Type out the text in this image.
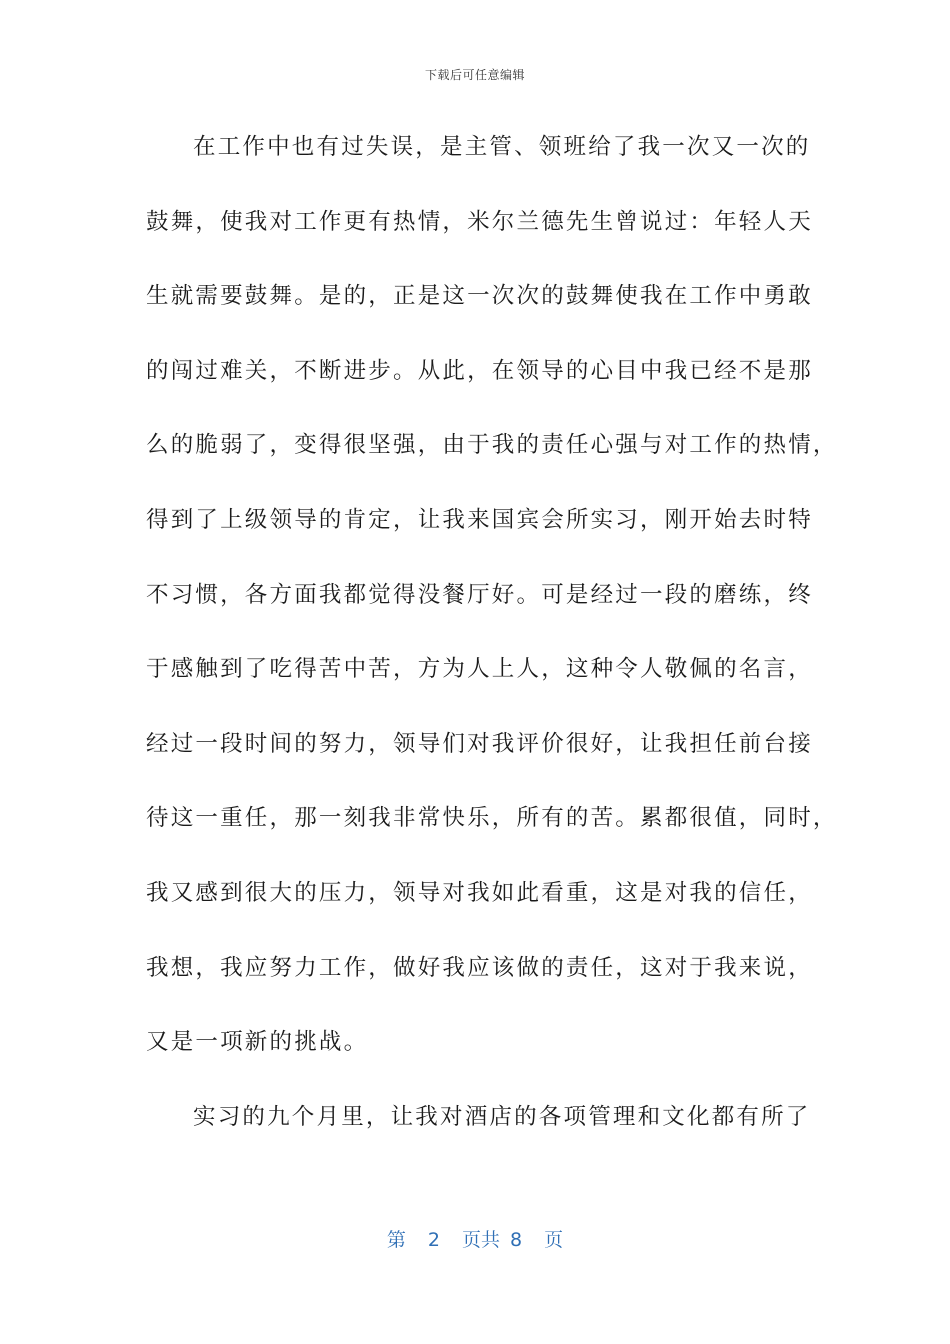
下载后可任意编辑
在工作中也有过失误，是主管、领班给了我一次又一次的
鼓舞，使我对工作更有热情，米尔兰德先生曾说过：年轻人天
生就需要鼓舞。是的，正是这一次次的鼓舞使我在工作中勇敢
的闯过难关，不断进步。从此，在领导的心目中我已经不是那
么的脆弱了，变得很坚强，由于我的责任心强与对工作的热情，
得到了上级领导的肯定，让我来国宾会所实习，刚开始去时特
不习惯，各方面我都觉得没餐厅好。可是经过一段的磨练，终
于感触到了吃得苦中苦，方为人上人，这种令人敬佩的名言，
经过一段时间的努力，领导们对我评价很好，让我担任前台接
待这一重任，那一刻我非常快乐，所有的苦。累都很值，同时，
我又感到很大的压力，领导对我如此看重，这是对我的信任，
我想，我应努力工作，做好我应该做的责任，这对于我来说，
又是一项新的挑战。
实习的九个月里，让我对酒店的各项管理和文化都有所了
第 2 页共 8 页
